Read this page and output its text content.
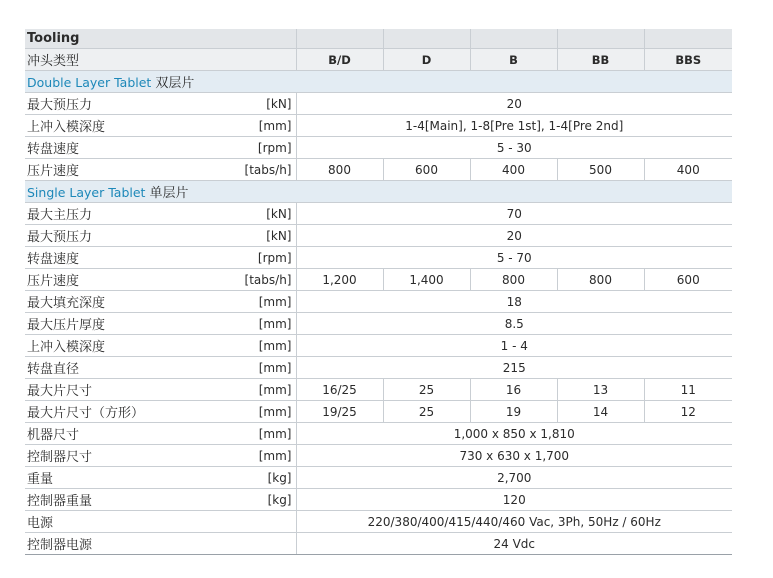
Tooling						
冲头类型		B/D	D	B	BB	BBS
Double Layer Tablet 双层片						
最大预压力	[kN]	20				
上冲入模深度	[mm]	1-4[Main], 1-8[Pre 1st], 1-4[Pre 2nd]				
转盘速度	[rpm]	5 - 30				
压片速度	[tabs/h]	800	600	400	500	400
Single Layer Tablet 单层片						
最大主压力	[kN]	70				
最大预压力	[kN]	20				
转盘速度	[rpm]	5 - 70				
压片速度	[tabs/h]	1,200	1,400	800	800	600
最大填充深度	[mm]	18				
最大压片厚度	[mm]	8.5				
上冲入模深度	[mm]	1 - 4				
转盘直径	[mm]	215				
最大片尺寸	[mm]	16/25	25	16	13	11
最大片尺寸（方形）	[mm]	19/25	25	19	14	12
机器尺寸	[mm]	1,000 x 850 x 1,810				
控制器尺寸	[mm]	730 x 630 x 1,700				
重量	[kg]	2,700				
控制器重量	[kg]	120				
电源		220/380/400/415/440/460 Vac, 3Ph, 50Hz / 60Hz				
控制器电源		24 Vdc				
